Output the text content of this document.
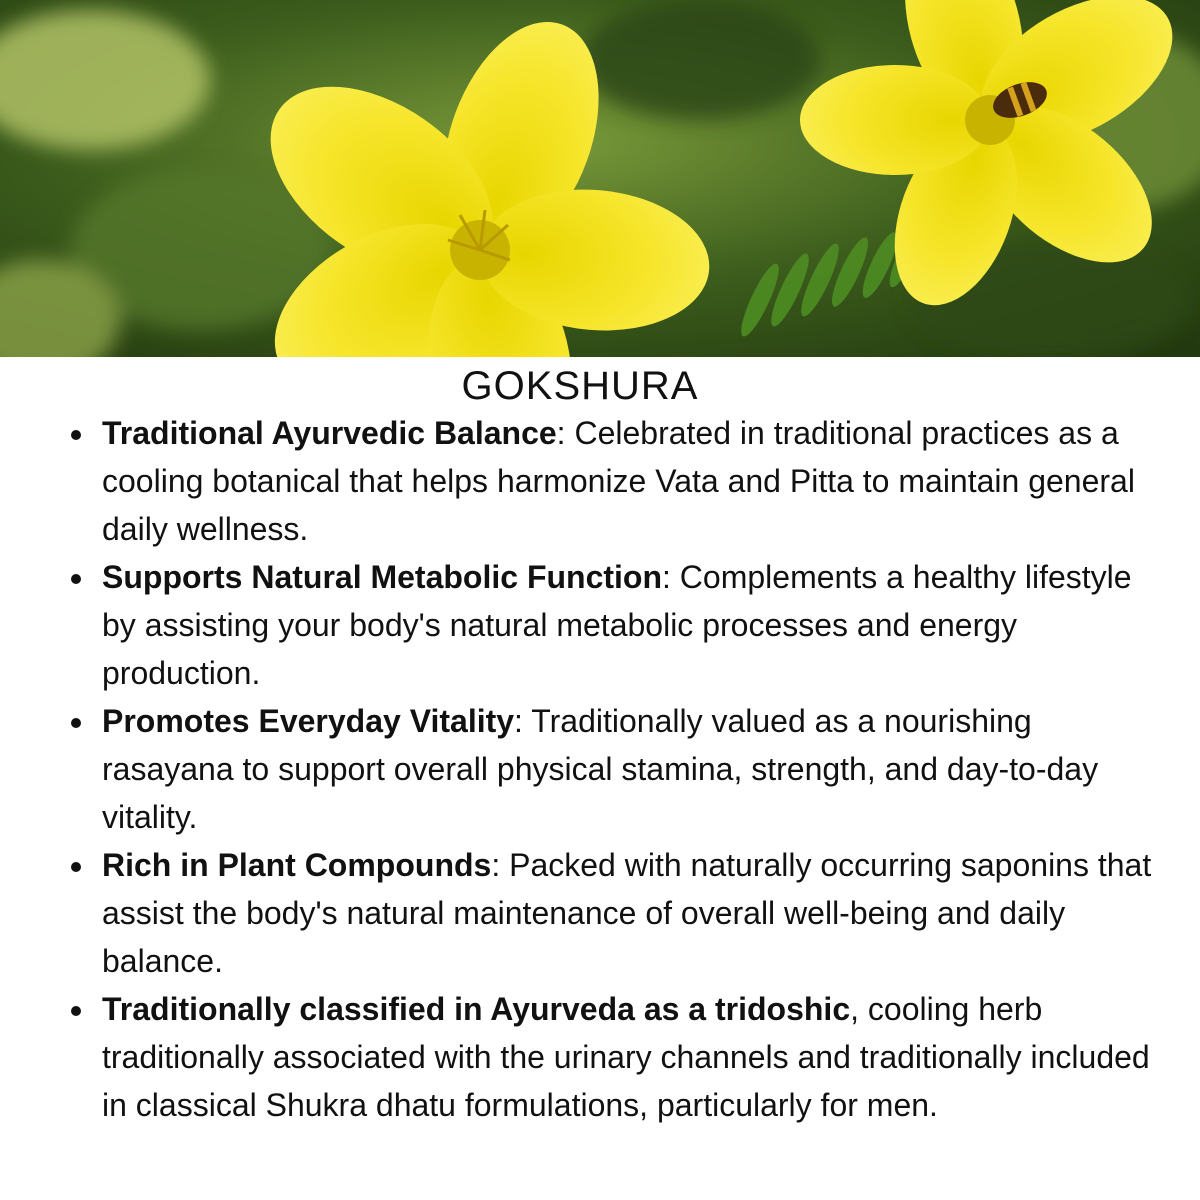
GOKSHURA
Traditional Ayurvedic Balance: Celebrated in traditional practices as a cooling botanical that helps harmonize Vata and Pitta to maintain general daily wellness.
Supports Natural Metabolic Function: Complements a healthy lifestyle by assisting your body's natural metabolic processes and energy production.
Promotes Everyday Vitality: Traditionally valued as a nourishing rasayana to support overall physical stamina, strength, and day-to-day vitality.
Rich in Plant Compounds: Packed with naturally occurring saponins that assist the body's natural maintenance of overall well-being and daily balance.
Traditionally classified in Ayurveda as a tridoshic, cooling herb traditionally associated with the urinary channels and traditionally included in classical Shukra dhatu formulations, particularly for men.
